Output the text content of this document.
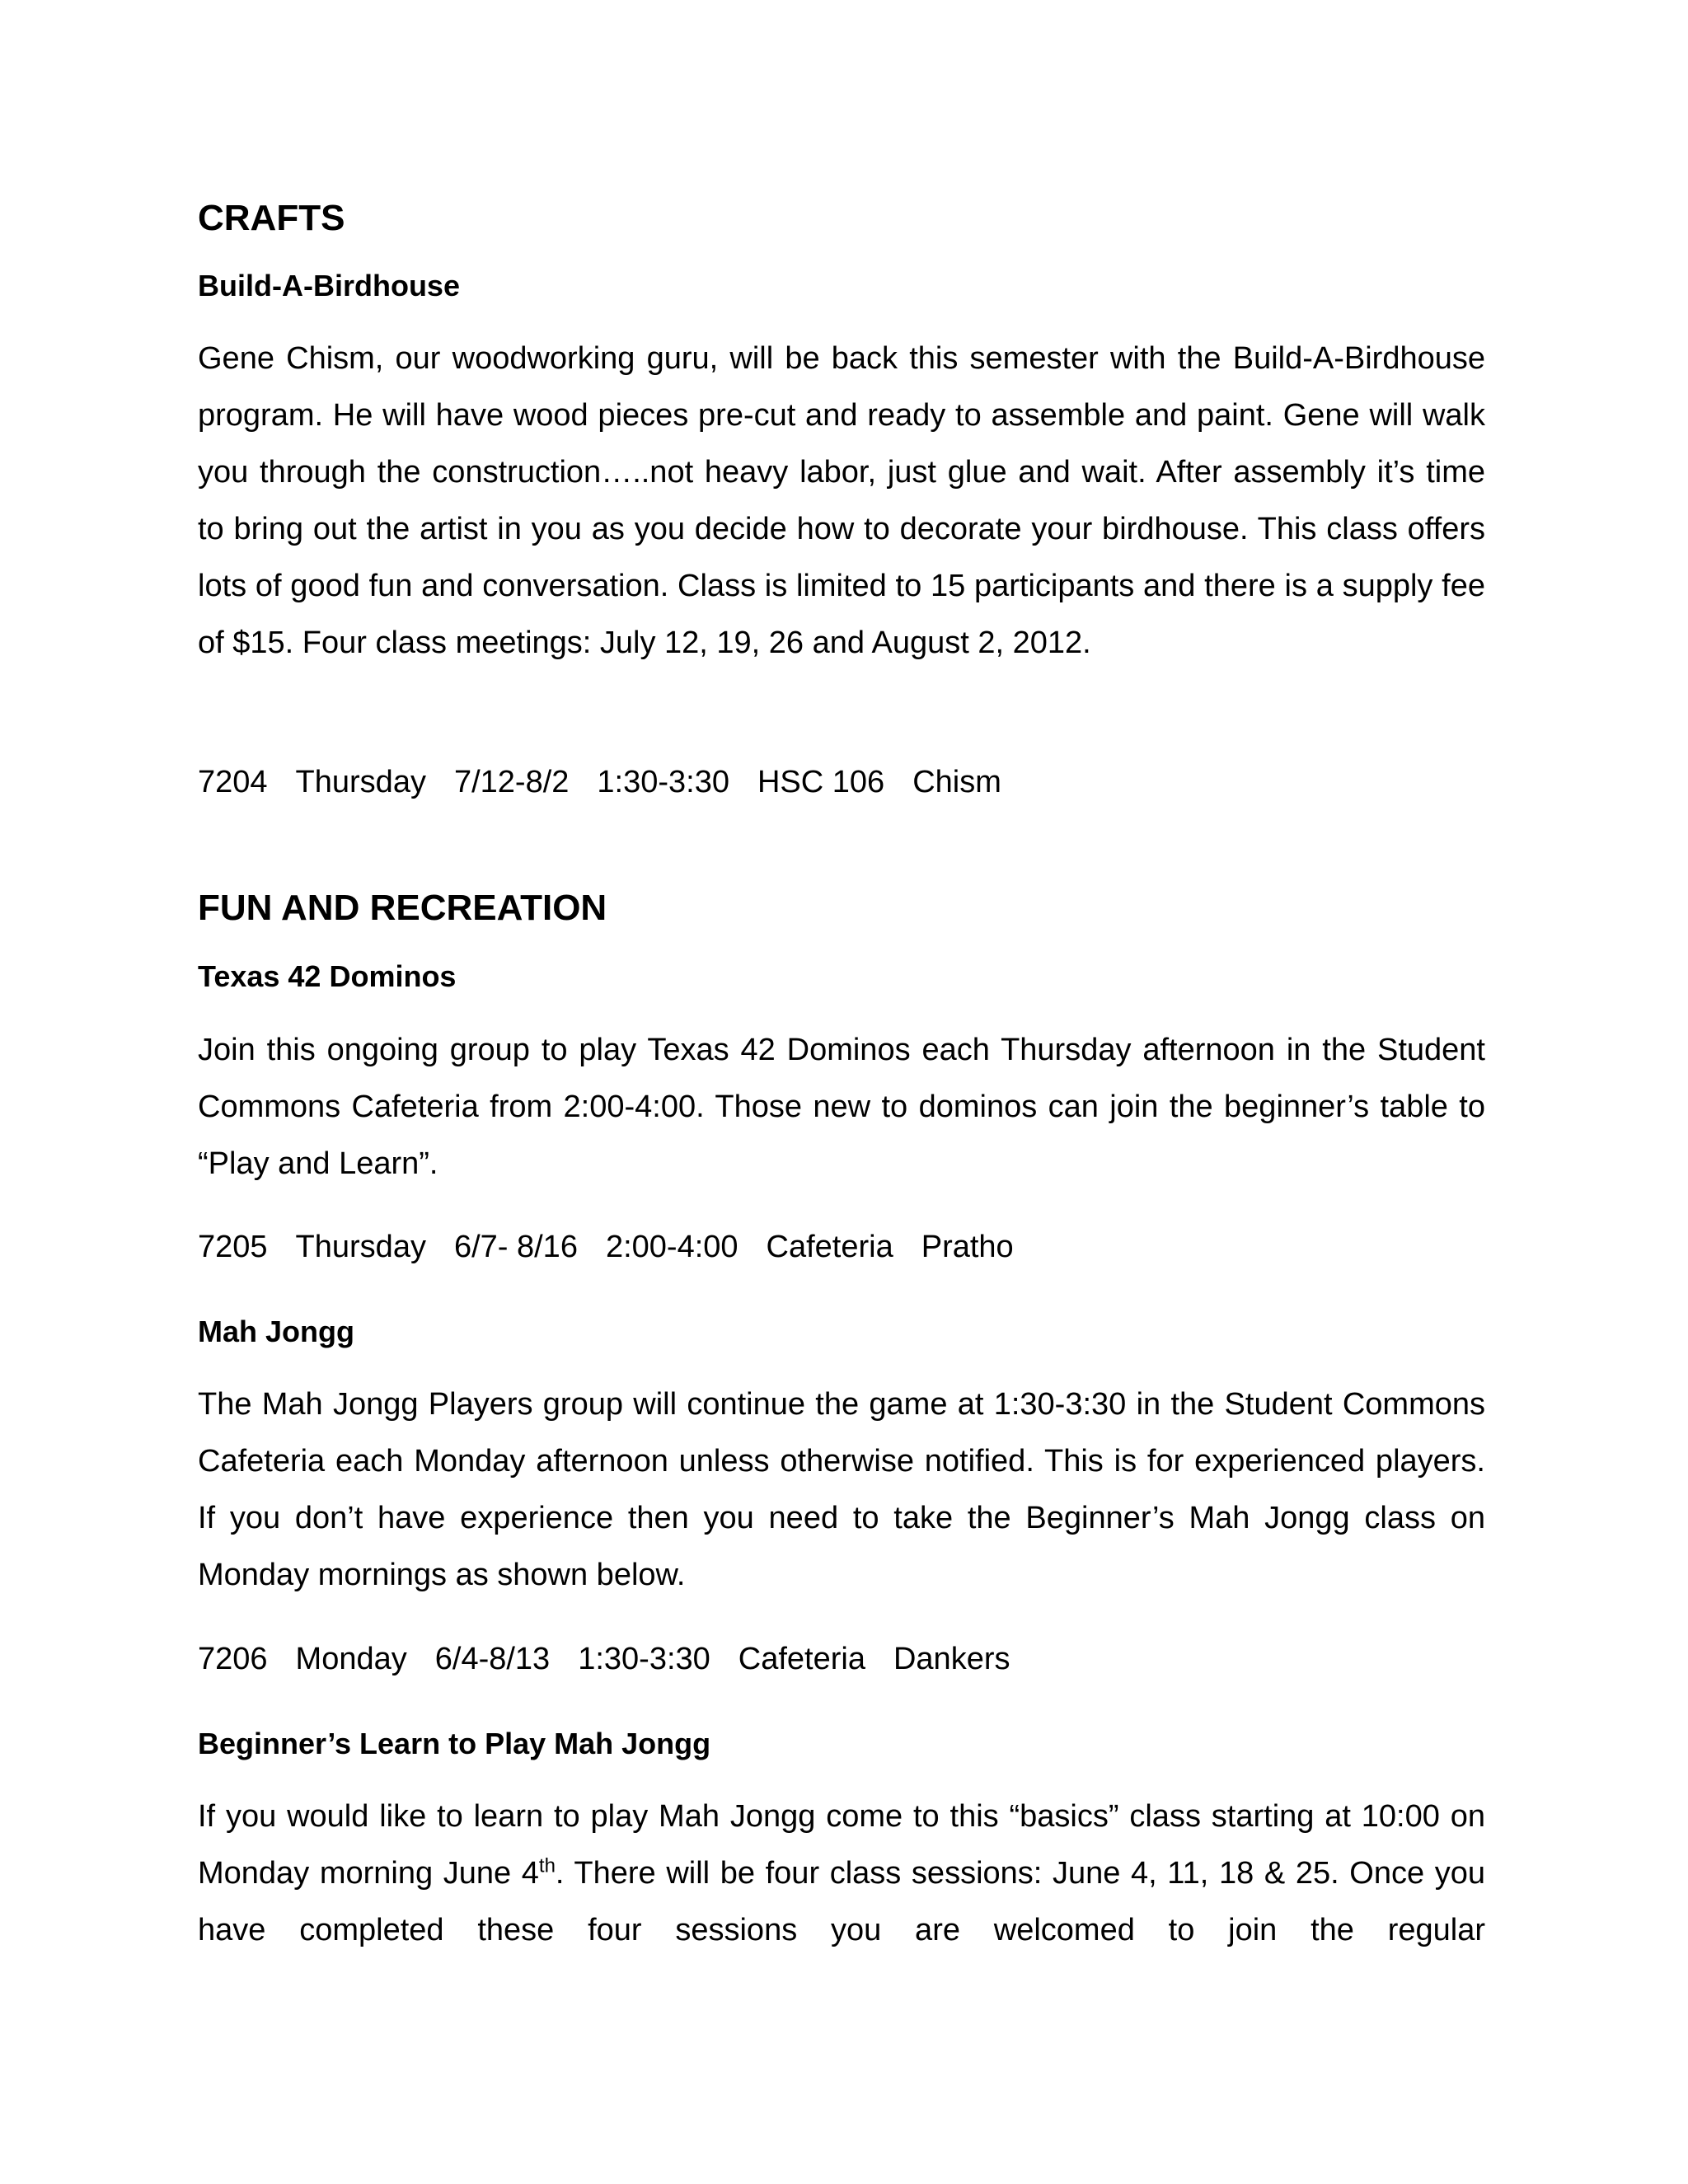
CRAFTS
Build-A-Birdhouse

Gene Chism, our woodworking guru, will be back this semester with the Build-A-Birdhouse program. He will have wood pieces pre-cut and ready to assemble and paint. Gene will walk you through the construction…..not heavy labor, just glue and wait. After assembly it’s time to bring out the artist in you as you decide how to decorate your birdhouse. This class offers lots of good fun and conversation. Class is limited to 15 participants and there is a supply fee of $15. Four class meetings: July 12, 19, 26 and August 2, 2012.

7204 Thursday 7/12-8/2 1:30-3:30 HSC 106 Chism
FUN AND RECREATION
Texas 42 Dominos

Join this ongoing group to play Texas 42 Dominos each Thursday afternoon in the Student Commons Cafeteria from 2:00-4:00. Those new to dominos can join the beginner’s table to “Play and Learn”.

7205 Thursday 6/7- 8/16 2:00-4:00 Cafeteria Pratho
Mah Jongg

The Mah Jongg Players group will continue the game at 1:30-3:30 in the Student Commons Cafeteria each Monday afternoon unless otherwise notified. This is for experienced players. If you don’t have experience then you need to take the Beginner’s Mah Jongg class on Monday mornings as shown below.

7206 Monday 6/4-8/13 1:30-3:30 Cafeteria Dankers
Beginner’s Learn to Play Mah Jongg

If you would like to learn to play Mah Jongg come to this “basics” class starting at 10:00 on Monday morning June 4th. There will be four class sessions: June 4, 11, 18 & 25. Once you have completed these four sessions you are welcomed to join the regular
